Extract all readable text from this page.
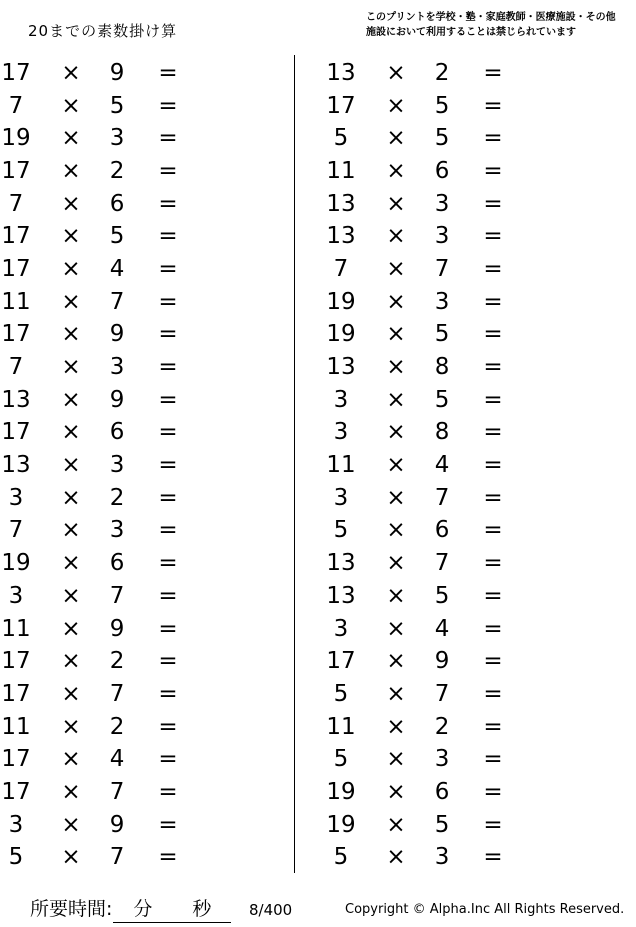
20までの素数掛け算
このプリントを学校・塾・家庭教師・医療施設・その他
施設において利用することは禁じられています
17 × 9 =
7 × 5 =
19 × 3 =
17 × 2 =
7 × 6 =
17 × 5 =
17 × 4 =
11 × 7 =
17 × 9 =
7 × 3 =
13 × 9 =
17 × 6 =
13 × 3 =
3 × 2 =
7 × 3 =
19 × 6 =
3 × 7 =
11 × 9 =
17 × 2 =
17 × 7 =
11 × 2 =
17 × 4 =
17 × 7 =
3 × 9 =
5 × 7 =
13 × 2 =
17 × 5 =
5 × 5 =
11 × 6 =
13 × 3 =
13 × 3 =
7 × 7 =
19 × 3 =
19 × 5 =
13 × 8 =
3 × 5 =
3 × 8 =
11 × 4 =
3 × 7 =
5 × 6 =
13 × 7 =
13 × 5 =
3 × 4 =
17 × 9 =
5 × 7 =
11 × 2 =
5 × 3 =
19 × 6 =
19 × 5 =
5 × 3 =
所要時間: 分 秒	8/400	Copyright © Alpha.Inc All Rights Reserved.
